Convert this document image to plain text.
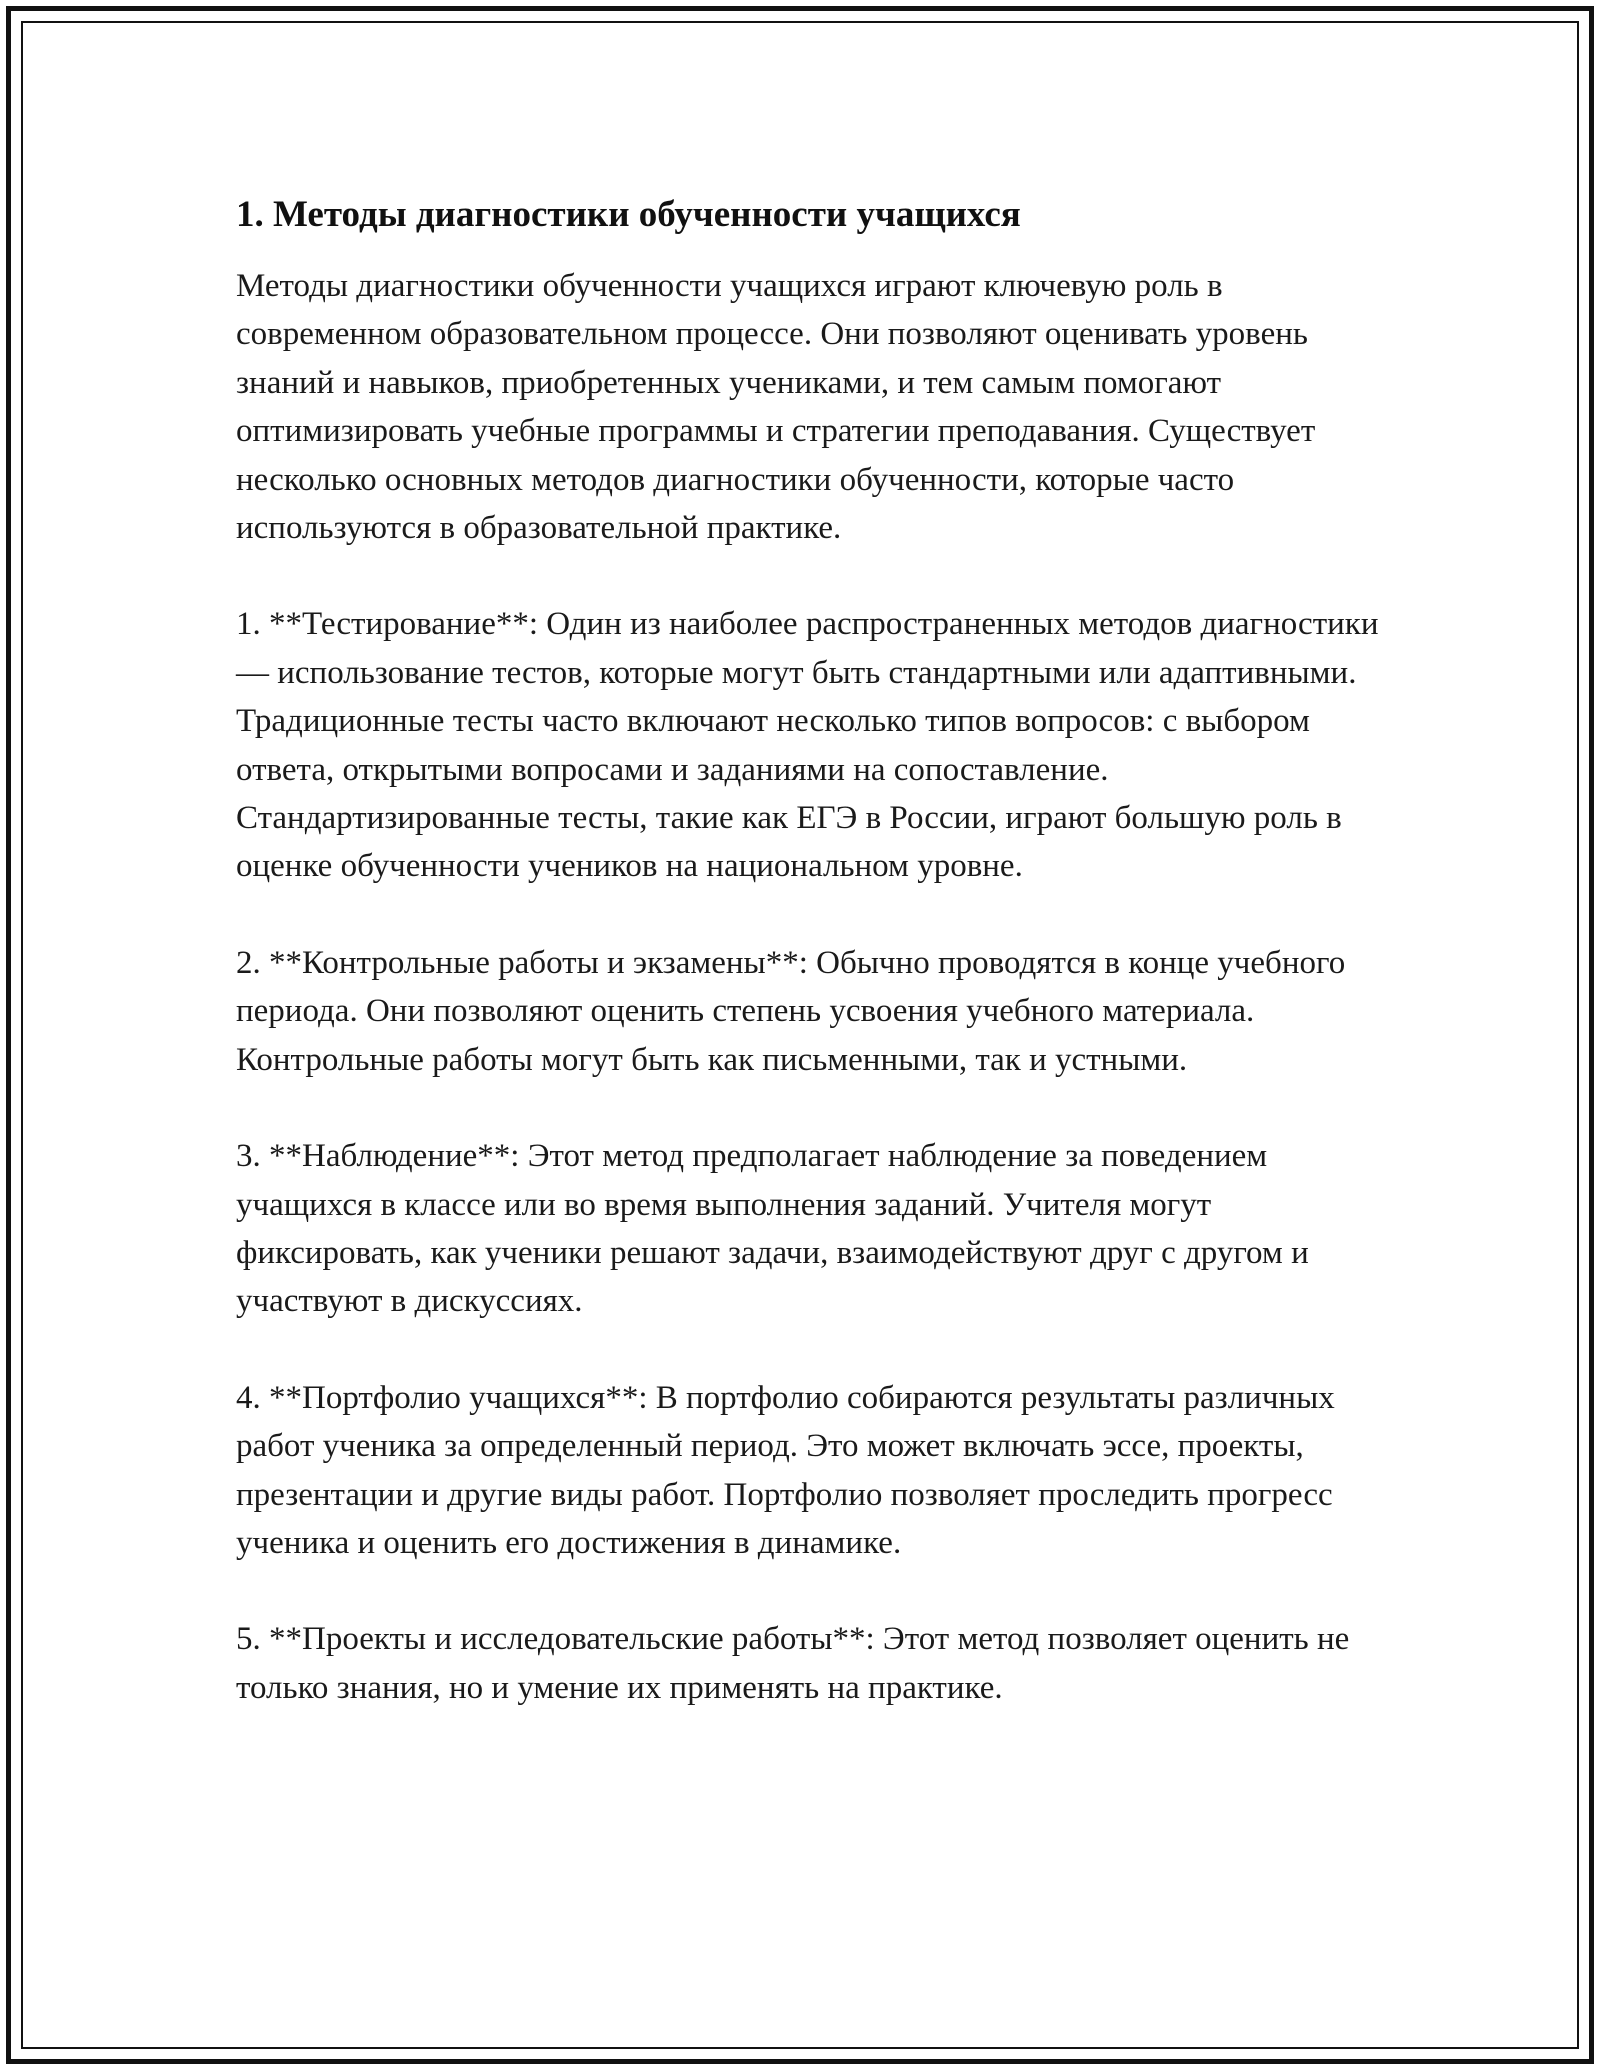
1. Методы диагностики обученности учащихся

Методы диагностики обученности учащихся играют ключевую роль в современном образовательном процессе. Они позволяют оценивать уровень знаний и навыков, приобретенных учениками, и тем самым помогают оптимизировать учебные программы и стратегии преподавания. Существует несколько основных методов диагностики обученности, которые часто используются в образовательной практике.

1. **Тестирование**: Один из наиболее распространенных методов диагностики — использование тестов, которые могут быть стандартными или адаптивными. Традиционные тесты часто включают несколько типов вопросов: с выбором ответа, открытыми вопросами и заданиями на сопоставление. Стандартизированные тесты, такие как ЕГЭ в России, играют большую роль в оценке обученности учеников на национальном уровне.

2. **Контрольные работы и экзамены**: Обычно проводятся в конце учебного периода. Они позволяют оценить степень усвоения учебного материала. Контрольные работы могут быть как письменными, так и устными.

3. **Наблюдение**: Этот метод предполагает наблюдение за поведением учащихся в классе или во время выполнения заданий. Учителя могут фиксировать, как ученики решают задачи, взаимодействуют друг с другом и участвуют в дискуссиях.

4. **Портфолио учащихся**: В портфолио собираются результаты различных работ ученика за определенный период. Это может включать эссе, проекты, презентации и другие виды работ. Портфолио позволяет проследить прогресс ученика и оценить его достижения в динамике.

5. **Проекты и исследовательские работы**: Этот метод позволяет оценить не только знания, но и умение их применять на практике.
